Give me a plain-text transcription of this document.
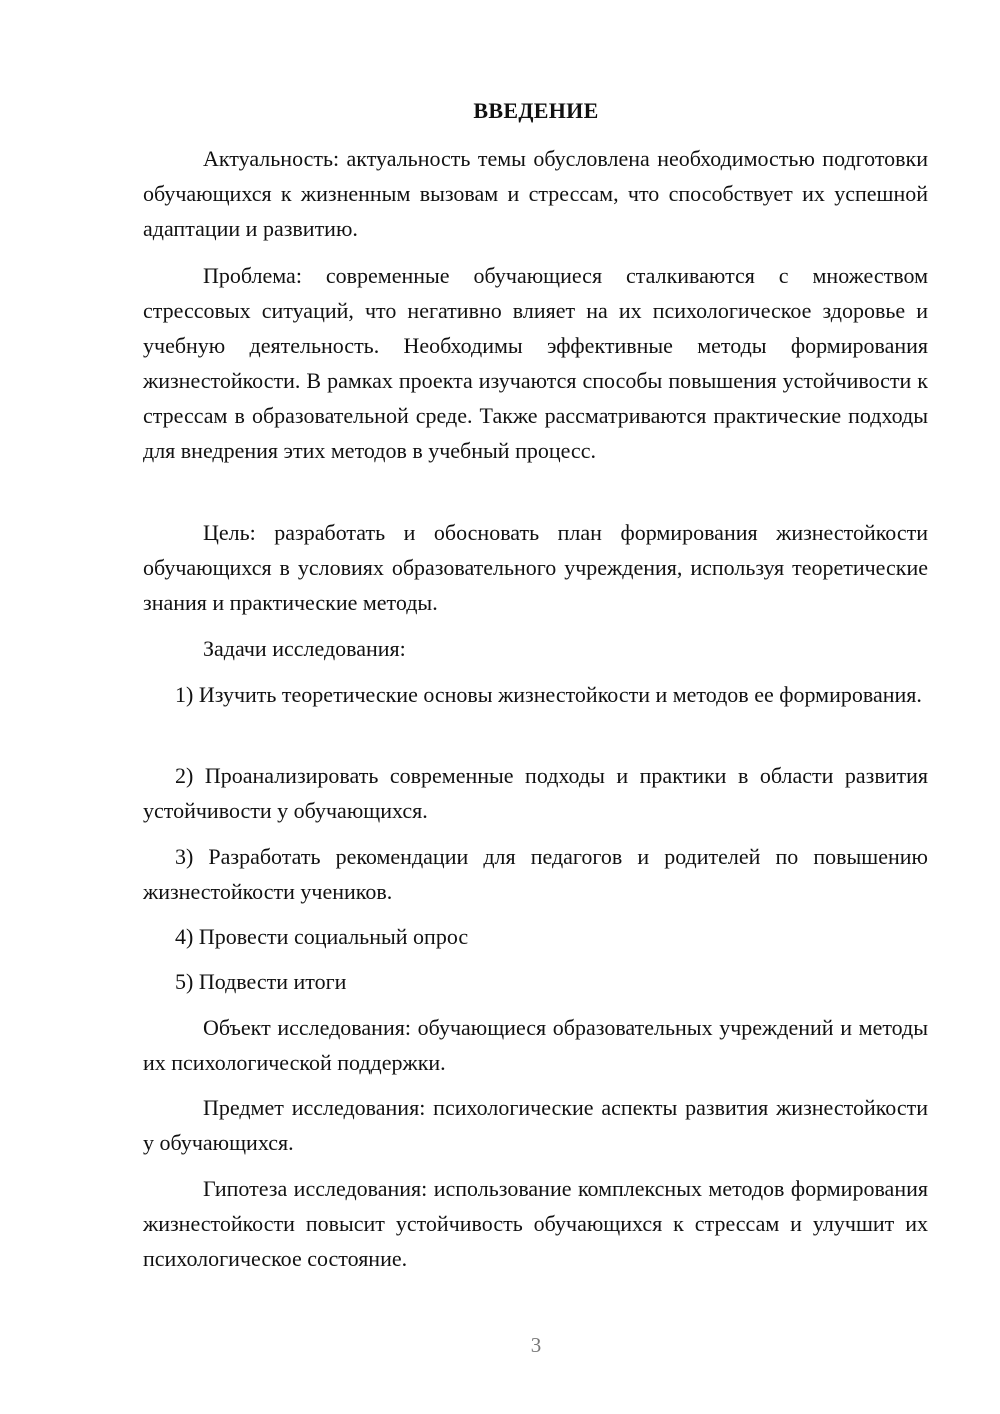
ВВЕДЕНИЕ

Актуальность: актуальность темы обусловлена необходимостью подготовки обучающихся к жизненным вызовам и стрессам, что способствует их успешной адаптации и развитию.

Проблема: современные обучающиеся сталкиваются с множеством стрессовых ситуаций, что негативно влияет на их психологическое здоровье и учебную деятельность. Необходимы эффективные методы формирования жизнестойкости. В рамках проекта изучаются способы повышения устойчивости к стрессам в образовательной среде. Также рассматриваются практические подходы для внедрения этих методов в учебный процесс.

Цель: разработать и обосновать план формирования жизнестойкости обучающихся в условиях образовательного учреждения, используя теоретические знания и практические методы.

Задачи исследования:

1) Изучить теоретические основы жизнестойкости и методов ее формирования.

2) Проанализировать современные подходы и практики в области развития устойчивости у обучающихся.

3) Разработать рекомендации для педагогов и родителей по повышению жизнестойкости учеников.

4) Провести социальный опрос

5) Подвести итоги

Объект исследования: обучающиеся образовательных учреждений и методы их психологической поддержки.

Предмет исследования: психологические аспекты развития жизнестойкости у обучающихся.

Гипотеза исследования: использование комплексных методов формирования жизнестойкости повысит устойчивость обучающихся к стрессам и улучшит их психологическое состояние.

3
